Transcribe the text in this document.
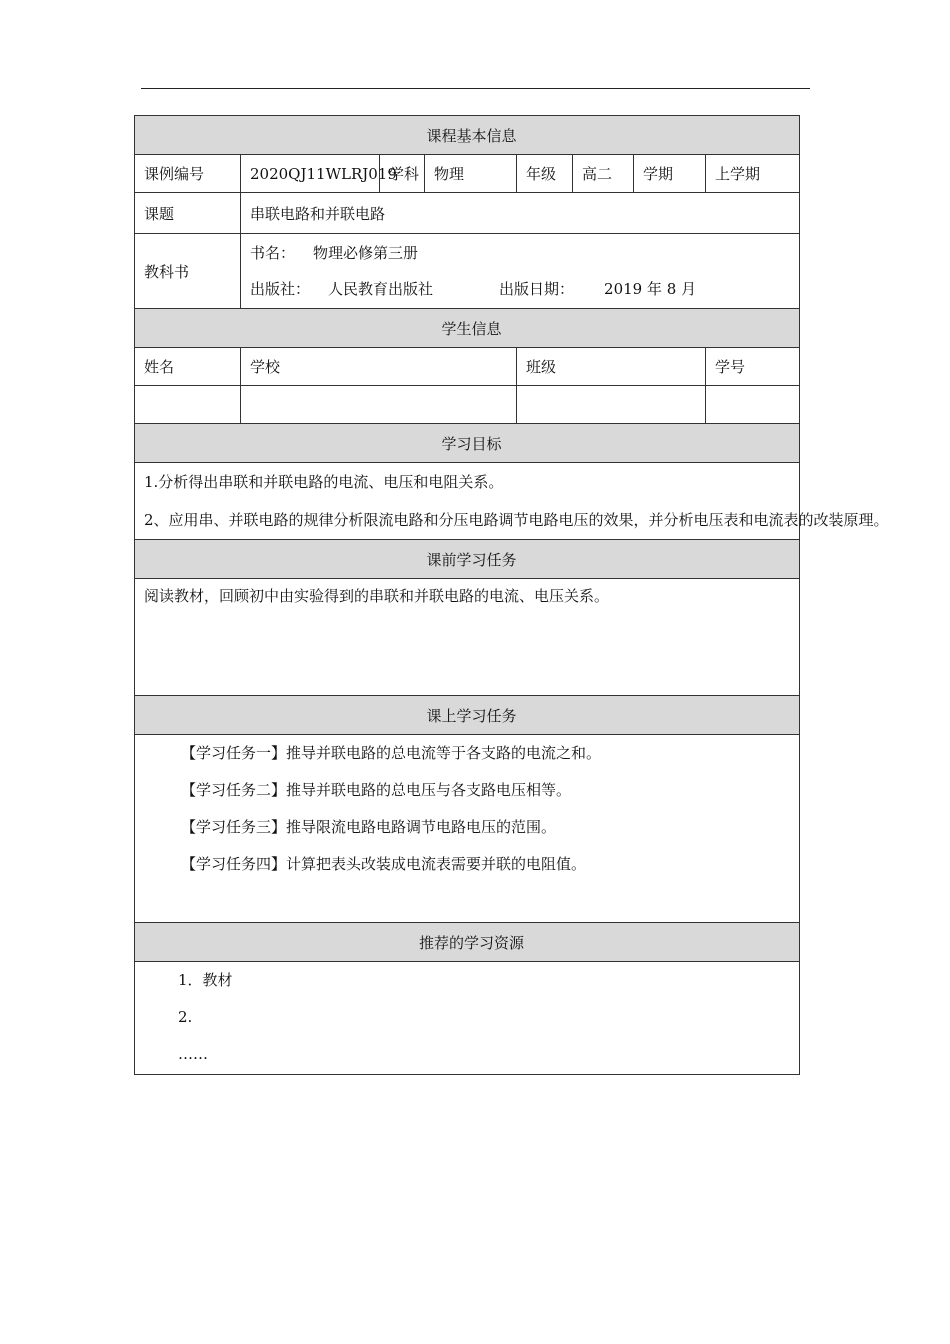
课程基本信息							
课例编号	2020QJ11WLRJ019	学科	物理	年级	高二	学期	上学期
课题	串联电路和并联电路						
教科书	书名： 物理必修第三册
出版社： 人民教育出版社 出版日期： 2019 年 8 月						

学生信息							
姓名	学校			班级			学号

学习目标							

1.分析得出串联和并联电路的电流、电压和电阻关系。
2、应用串、并联电路的规律分析限流电路和分压电路调节电路电压的效果，并分析电压表和电流表的改装原理。							

课前学习任务							

阅读教材，回顾初中由实验得到的串联和并联电路的电流、电压关系。							

课上学习任务							

【学习任务一】推导并联电路的总电流等于各支路的电流之和。
【学习任务二】推导并联电路的总电压与各支路电压相等。
【学习任务三】推导限流电路电路调节电路电压的范围。
【学习任务四】计算把表头改装成电流表需要并联的电阻值。							

推荐的学习资源							

1．教材
2.
……							
